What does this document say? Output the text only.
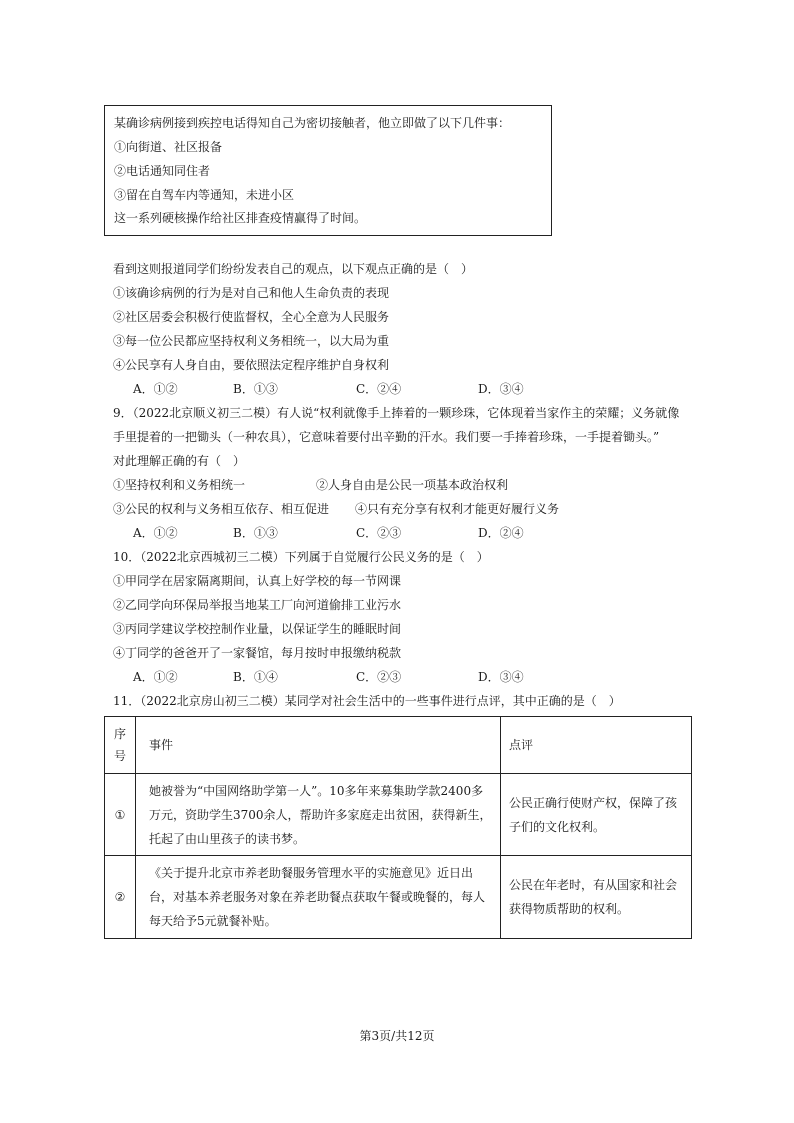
某确诊病例接到疾控电话得知自己为密切接触者，他立即做了以下几件事：
①向街道、社区报备
②电话通知同住者
③留在自驾车内等通知，未进小区
这一系列硬核操作给社区排查疫情赢得了时间。
看到这则报道同学们纷纷发表自己的观点，以下观点正确的是（　）
①该确诊病例的行为是对自己和他人生命负责的表现
②社区居委会积极行使监督权，全心全意为人民服务
③每一位公民都应坚持权利义务相统一，以大局为重
④公民享有人身自由，要依照法定程序维护自身权利
A．①②	B．①③	C．②④	D．③④
9．（2022北京顺义初三二模）有人说“权利就像手上捧着的一颗珍珠，它体现着当家作主的荣耀；义务就像
手里提着的一把锄头（一种农具），它意味着要付出辛勤的汗水。我们要一手捧着珍珠，一手提着锄头。”
对此理解正确的有（　）
①坚持权利和义务相统一	②人身自由是公民一项基本政治权利
③公民的权利与义务相互依存、相互促进 ④只有充分享有权利才能更好履行义务
A．①②	B．①③	C．②③	D．②④
10．（2022北京西城初三二模）下列属于自觉履行公民义务的是（　）
①甲同学在居家隔离期间，认真上好学校的每一节网课
②乙同学向环保局举报当地某工厂向河道偷排工业污水
③丙同学建议学校控制作业量，以保证学生的睡眠时间
④丁同学的爸爸开了一家餐馆，每月按时申报缴纳税款
A．①②	B．①④	C．②③	D．③④
11．（2022北京房山初三二模）某同学对社会生活中的一些事件进行点评，其中正确的是（　）
序号	事件	点评
①	她被誉为“中国网络助学第一人”。10多年来募集助学款2400多万元，资助学生3700余人，帮助许多家庭走出贫困，获得新生，托起了由山里孩子的读书梦。	公民正确行使财产权，保障了孩子们的文化权利。
②	《关于提升北京市养老助餐服务管理水平的实施意见》近日出台，对基本养老服务对象在养老助餐点获取午餐或晚餐的，每人每天给予5元就餐补贴。	公民在年老时，有从国家和社会获得物质帮助的权利。
第3页/共12页
